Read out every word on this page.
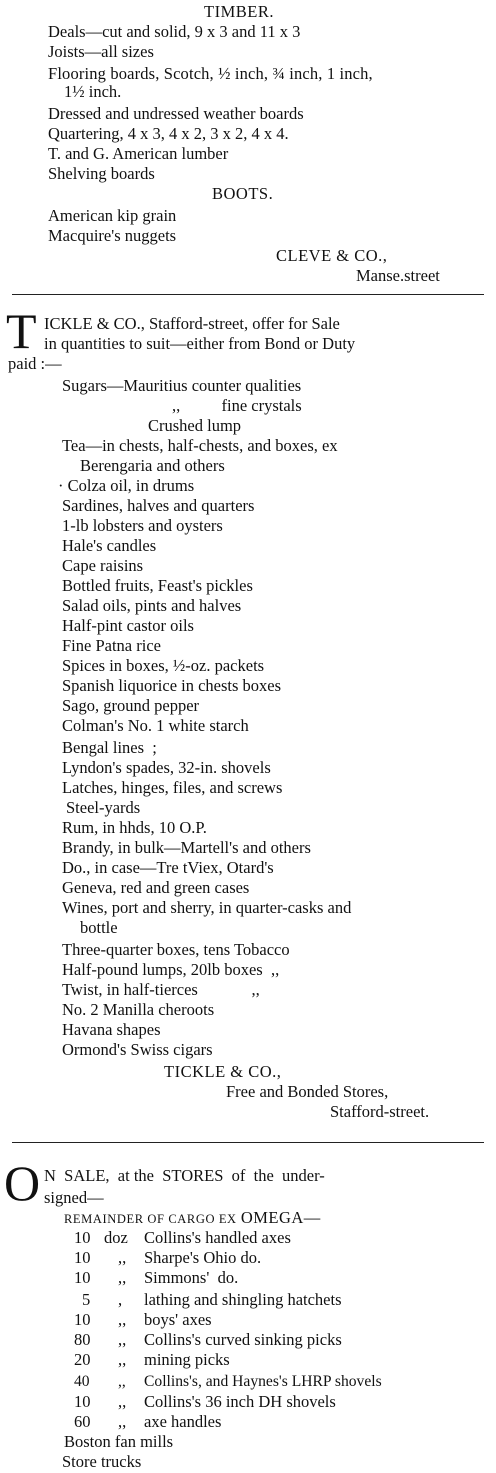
TIMBER.
Deals—cut and solid, 9 x 3 and 11 x 3
Joists—all sizes
Flooring boards, Scotch, ½ inch, ¾ inch, 1 inch,
1½ inch.
Dressed and undressed weather boards
Quartering, 4 x 3, 4 x 2, 3 x 2, 4 x 4.
T. and G. American lumber
Shelving boards
BOOTS.
American kip grain
Macquire's nuggets
CLEVE & CO.,
Manse.street
T ICKLE & CO., Stafford-street, offer for Sale
in quantities to suit—either from Bond or Duty
paid :—
Sugars—Mauritius counter qualities
,,          fine crystals
Crushed lump
Tea—in chests, half-chests, and boxes, ex
Berengaria and others
· Colza oil, in drums
Sardines, halves and quarters
1-lb lobsters and oysters
Hale's candles
Cape raisins
Bottled fruits, Feast's pickles
Salad oils, pints and halves
Half-pint castor oils
Fine Patna rice
Spices in boxes, ½-oz. packets
Spanish liquorice in chests boxes
Sago, ground pepper
Colman's No. 1 white starch
Bengal lines  ;
Lyndon's spades, 32-in. shovels
Latches, hinges, files, and screws
Steel-yards
Rum, in hhds, 10 O.P.
Brandy, in bulk—Martell's and others
Do., in case—Tre tViex, Otard's
Geneva, red and green cases
Wines, port and sherry, in quarter-casks and
bottle
Three-quarter boxes, tens Tobacco
Half-pound lumps, 20lb boxes  ,,
Twist, in half-tierces             ,,
No. 2 Manilla cheroots
Havana shapes
Ormond's Swiss cigars
TICKLE & CO.,
Free and Bonded Stores,
Stafford-street.
O N  SALE,  at the  STORES  of  the  under-
signed—
REMAINDER OF CARGO EX OMEGA—
10 doz Collins's handled axes
10 ,, Sharpe's Ohio do.
10 ,, Simmons'  do.
5 , lathing and shingling hatchets
10 ,, boys' axes
80 ,, Collins's curved sinking picks
20 ,, mining picks
40 ,, Collins's, and Haynes's LHRP shovels
10 ,, Collins's 36 inch DH shovels
60 ,, axe handles
Boston fan mills
Store trucks
